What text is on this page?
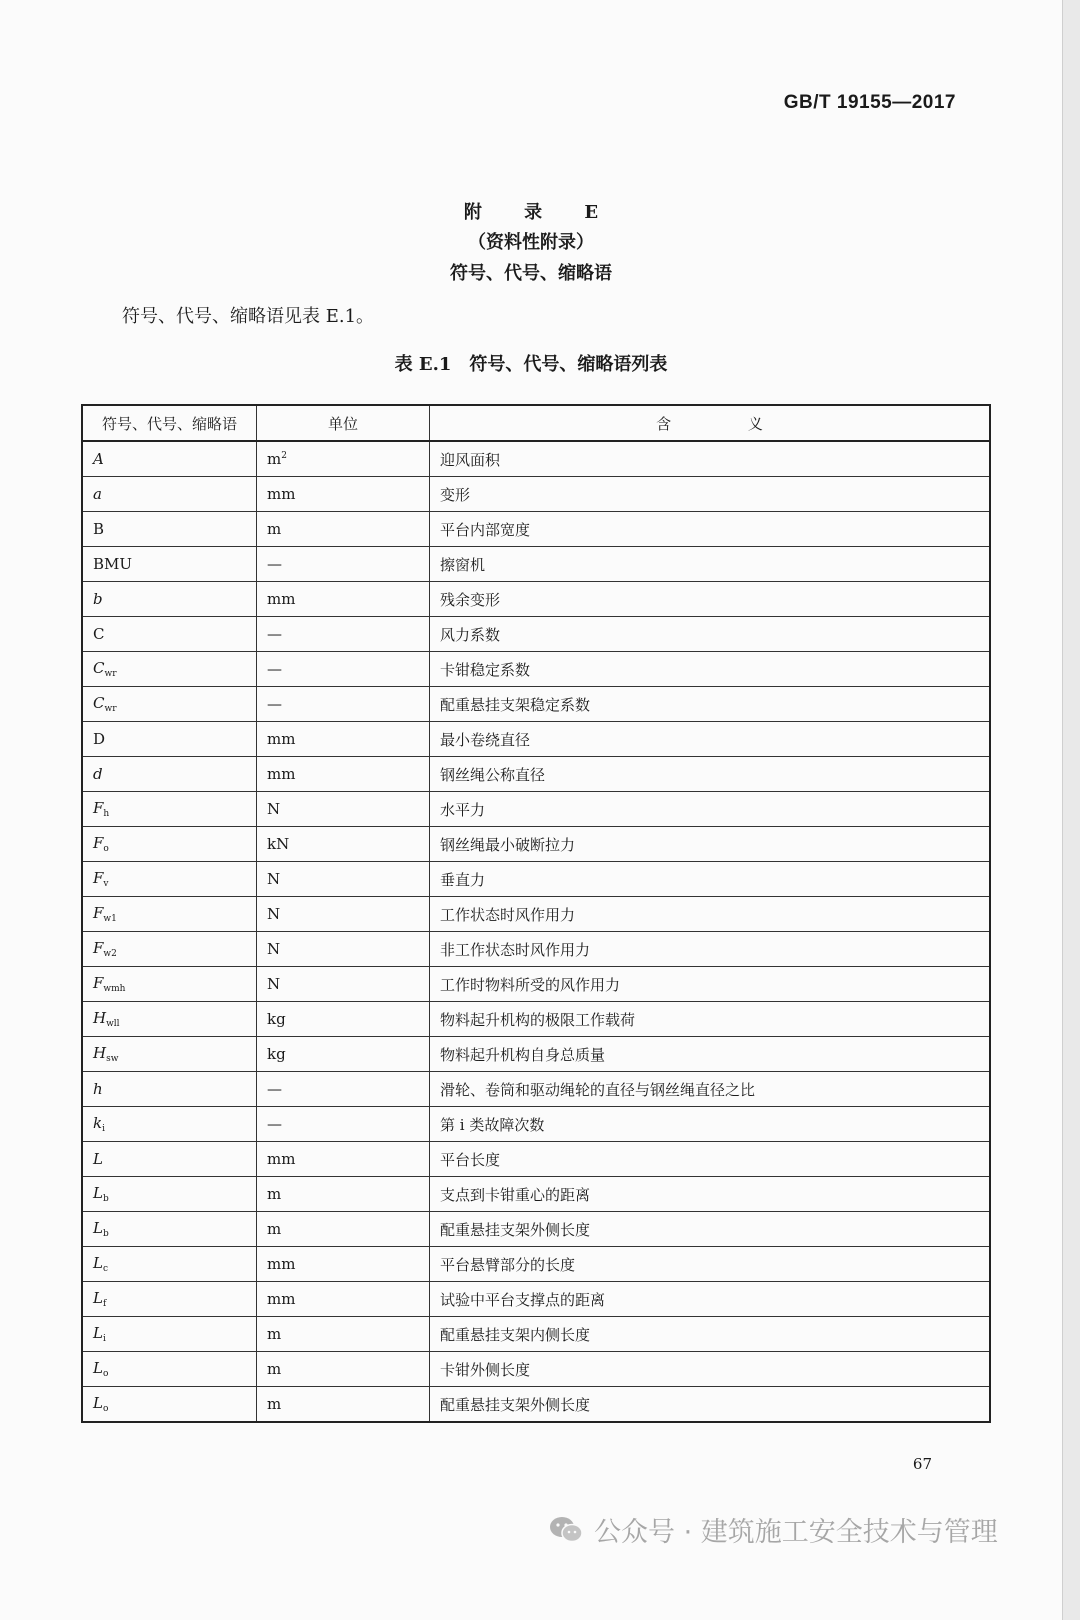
GB/T 19155—2017
附 录 E
（资料性附录）
符号、代号、缩略语
符号、代号、缩略语见表 E.1。
表 E.1 符号、代号、缩略语列表
符号、代号、缩略语	单位	含 义
A	$m^2$	迎风面积
a	mm	变形
B	m	平台内部宽度
BMU	—	擦窗机
b	mm	残余变形
C	—	风力系数
$C_{wr}$	—	卡钳稳定系数
$C_{wr}$	—	配重悬挂支架稳定系数
D	mm	最小卷绕直径
d	mm	钢丝绳公称直径
$F_h$	N	水平力
$F_o$	kN	钢丝绳最小破断拉力
$F_v$	N	垂直力
$F_{w1}$	N	工作状态时风作用力
$F_{w2}$	N	非工作状态时风作用力
$F_{wmh}$	N	工作时物料所受的风作用力
$H_{wll}$	kg	物料起升机构的极限工作载荷
$H_{sw}$	kg	物料起升机构自身总质量
h	—	滑轮、卷筒和驱动绳轮的直径与钢丝绳直径之比
$k_i$	—	第 i 类故障次数
L	mm	平台长度
$L_b$	m	支点到卡钳重心的距离
$L_b$	m	配重悬挂支架外侧长度
$L_c$	mm	平台悬臂部分的长度
$L_f$	mm	试验中平台支撑点的距离
$L_i$	m	配重悬挂支架内侧长度
$L_o$	m	卡钳外侧长度
$L_o$	m	配重悬挂支架外侧长度
67
公众号 · 建筑施工安全技术与管理
